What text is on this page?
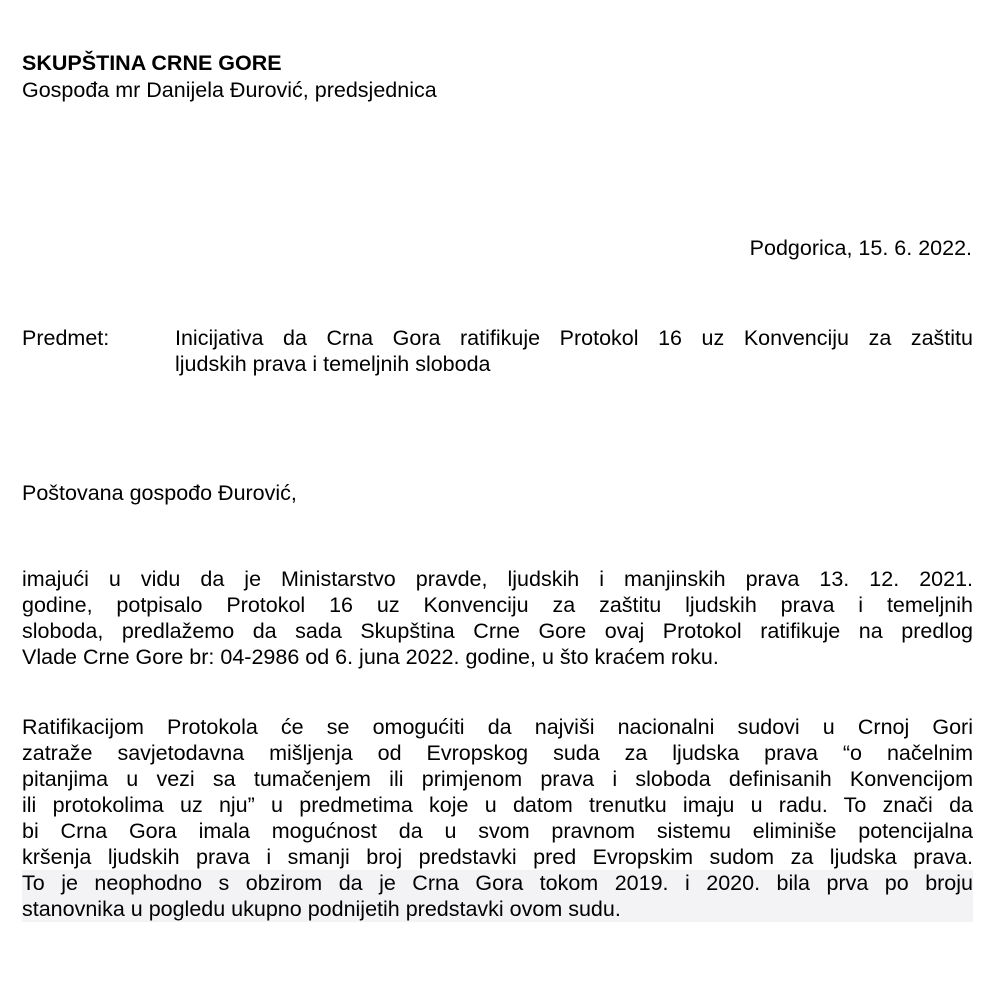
SKUPŠTINA CRNE GORE
Gospođa mr Danijela Đurović, predsjednica
Podgorica, 15. 6. 2022.
Predmet:	Inicijativa da Crna Gora ratifikuje Protokol 16 uz Konvenciju za zaštitu
ljudskih prava i temeljnih sloboda
Poštovana gospođo Đurović,
imajući u vidu da je Ministarstvo pravde, ljudskih i manjinskih prava 13. 12. 2021.
godine, potpisalo Protokol 16 uz Konvenciju za zaštitu ljudskih prava i temeljnih
sloboda, predlažemo da sada Skupština Crne Gore ovaj Protokol ratifikuje na predlog
Vlade Crne Gore br: 04-2986 od 6. juna 2022. godine, u što kraćem roku.
Ratifikacijom Protokola će se omogućiti da najviši nacionalni sudovi u Crnoj Gori
zatraže savjetodavna mišljenja od Evropskog suda za ljudska prava “o načelnim
pitanjima u vezi sa tumačenjem ili primjenom prava i sloboda definisanih Konvencijom
ili protokolima uz nju” u predmetima koje u datom trenutku imaju u radu. To znači da
bi Crna Gora imala mogućnost da u svom pravnom sistemu eliminiše potencijalna
kršenja ljudskih prava i smanji broj predstavki pred Evropskim sudom za ljudska prava.
To je neophodno s obzirom da je Crna Gora tokom 2019. i 2020. bila prva po broju
stanovnika u pogledu ukupno podnijetih predstavki ovom sudu.
